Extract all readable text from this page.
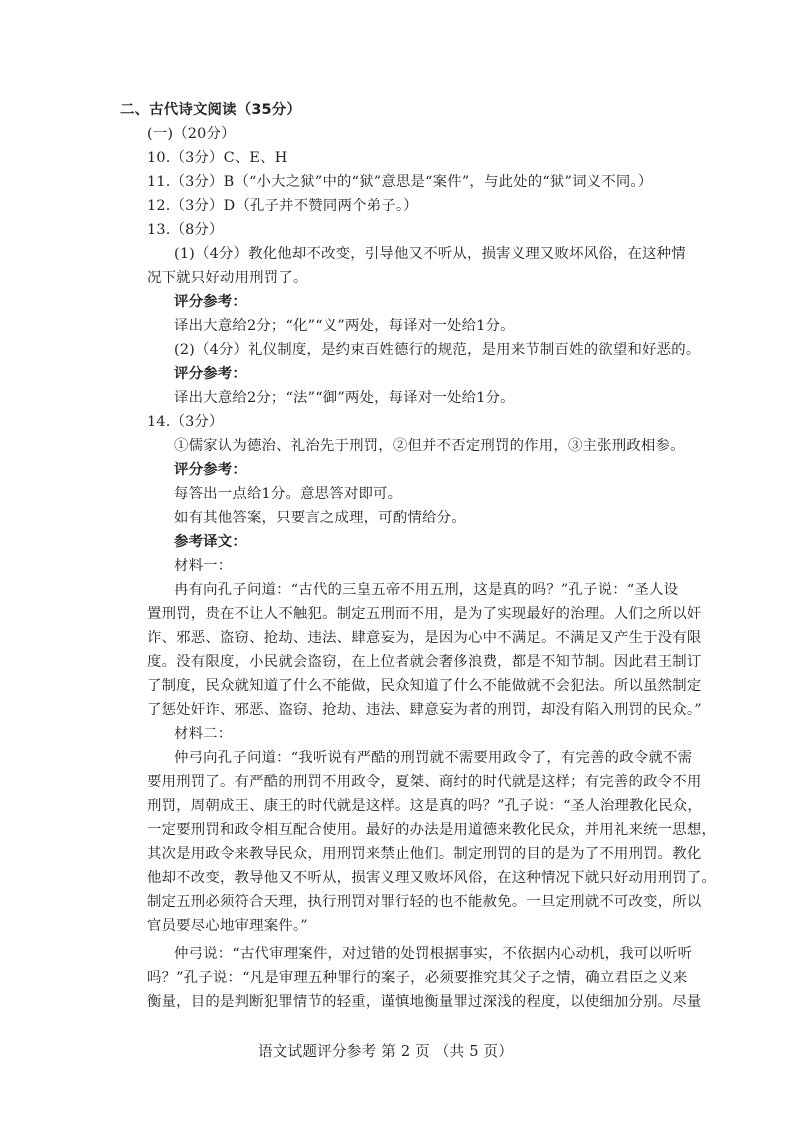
二、古代诗文阅读（35分）
(一)（20分）
10.（3分）C、E、H
11.（3分）B（“小大之狱”中的“狱”意思是“案件”，与此处的“狱”词义不同。）
12.（3分）D（孔子并不赞同两个弟子。）
13.（8分）
(1)（4分）教化他却不改变，引导他又不听从，损害义理又败坏风俗，在这种情
况下就只好动用刑罚了。
评分参考：
译出大意给2分；“化”“义”两处，每译对一处给1分。
(2)（4分）礼仪制度，是约束百姓德行的规范，是用来节制百姓的欲望和好恶的。
评分参考：
译出大意给2分；“法”“御”两处，每译对一处给1分。
14.（3分）
①儒家认为德治、礼治先于刑罚，②但并不否定刑罚的作用，③主张刑政相参。
评分参考：
每答出一点给1分。意思答对即可。
如有其他答案，只要言之成理，可酌情给分。
参考译文：
材料一：
冉有向孔子问道：“古代的三皇五帝不用五刑，这是真的吗？”孔子说：“圣人设
置刑罚，贵在不让人不触犯。制定五刑而不用，是为了实现最好的治理。人们之所以奸
诈、邪恶、盗窃、抢劫、违法、肆意妄为，是因为心中不满足。不满足又产生于没有限
度。没有限度，小民就会盗窃，在上位者就会奢侈浪费，都是不知节制。因此君王制订
了制度，民众就知道了什么不能做，民众知道了什么不能做就不会犯法。所以虽然制定
了惩处奸诈、邪恶、盗窃、抢劫、违法、肆意妄为者的刑罚，却没有陷入刑罚的民众。”
材料二：
仲弓向孔子问道：“我听说有严酷的刑罚就不需要用政令了，有完善的政令就不需
要用刑罚了。有严酷的刑罚不用政令，夏桀、商纣的时代就是这样；有完善的政令不用
刑罚，周朝成王、康王的时代就是这样。这是真的吗？”孔子说：“圣人治理教化民众，
一定要刑罚和政令相互配合使用。最好的办法是用道德来教化民众，并用礼来统一思想，
其次是用政令来教导民众，用刑罚来禁止他们。制定刑罚的目的是为了不用刑罚。教化
他却不改变，教导他又不听从，损害义理又败坏风俗，在这种情况下就只好动用刑罚了。
制定五刑必须符合天理，执行刑罚对罪行轻的也不能赦免。一旦定刑就不可改变，所以
官员要尽心地审理案件。”
仲弓说：“古代审理案件，对过错的处罚根据事实，不依据内心动机，我可以听听
吗？”孔子说：“凡是审理五种罪行的案子，必须要推究其父子之情，确立君臣之义来
衡量，目的是判断犯罪情节的轻重，谨慎地衡量罪过深浅的程度，以使细加分别。尽量
语文试题评分参考 第 2 页 （共 5 页）
